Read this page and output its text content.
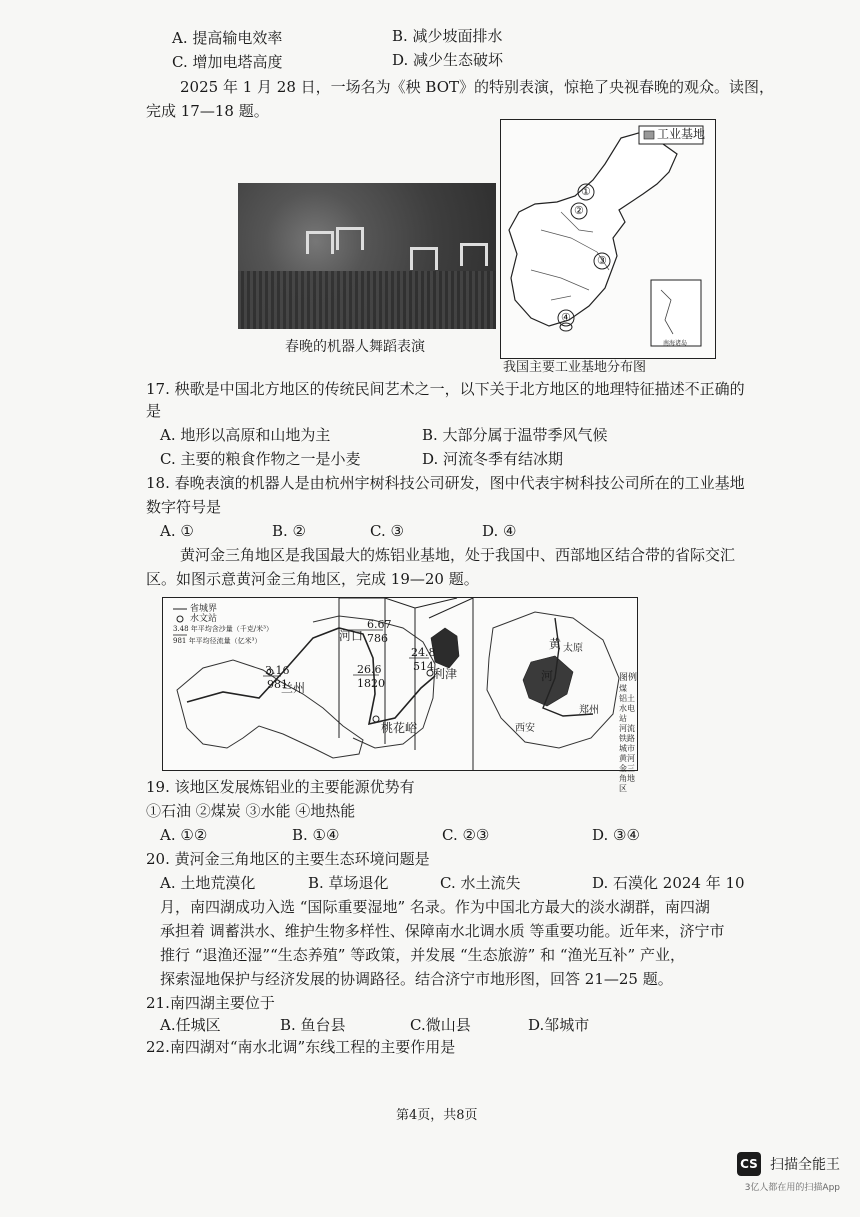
A. 提高输电效率	B. 减少坡面排水
C. 增加电塔高度	D. 减少生态破坏
2025 年 1 月 28 日，一场名为《秧 BOT》的特别表演，惊艳了央视春晚的观众。读图，
完成 17—18 题。
春晚的机器人舞蹈表演
工业基地
①
②
③
④
南海诸岛
我国主要工业基地分布图
17. 秧歌是中国北方地区的传统民间艺术之一，以下关于北方地区的地理特征描述不正确的
是
A. 地形以高原和山地为主	B. 大部分属于温带季风气候
C. 主要的粮食作物之一是小麦	D. 河流冬季有结冰期
18. 春晚表演的机器人是由杭州宇树科技公司研发，图中代表宇树科技公司所在的工业基地
数字符号是
A. ①	B. ②	C. ③	D. ④
黄河金三角地区是我国最大的炼铝业基地，处于我国中、西部地区结合带的省际交汇
区。如图示意黄河金三角地区，完成 19—20 题。
省城界
水文站
3.48 年平均含沙量（千克/米³）
981 年平均径流量（亿米³）
6.67
786
3.16
981
26.6
1820
24.8
514
河口
兰州
桃花峪
利津
太原
西安
郑州
黄
河	图例
煤
铝土
水电站
河流
铁路
城市
黄河金三角地区
19. 该地区发展炼铝业的主要能源优势有
①石油 ②煤炭 ③水能 ④地热能
A. ①②	B. ①④	C. ②③	D. ③④
20. 黄河金三角地区的主要生态环境问题是
A. 土地荒漠化	B. 草场退化	C. 水土流失	D. 石漠化 2024 年 10
月，南四湖成功入选 “国际重要湿地” 名录。作为中国北方最大的淡水湖群，南四湖
承担着 调蓄洪水、维护生物多样性、保障南水北调水质 等重要功能。近年来，济宁市
推行 “退渔还湿”“生态养殖” 等政策，并发展 “生态旅游” 和 “渔光互补” 产业，
探索湿地保护与经济发展的协调路径。结合济宁市地形图，回答 21—25 题。
21.南四湖主要位于
A.任城区	B. 鱼台县	C.微山县	D.邹城市
22.南四湖对“南水北调”东线工程的主要作用是
第4页，共8页
CS 扫描全能王
3亿人都在用的扫描App
